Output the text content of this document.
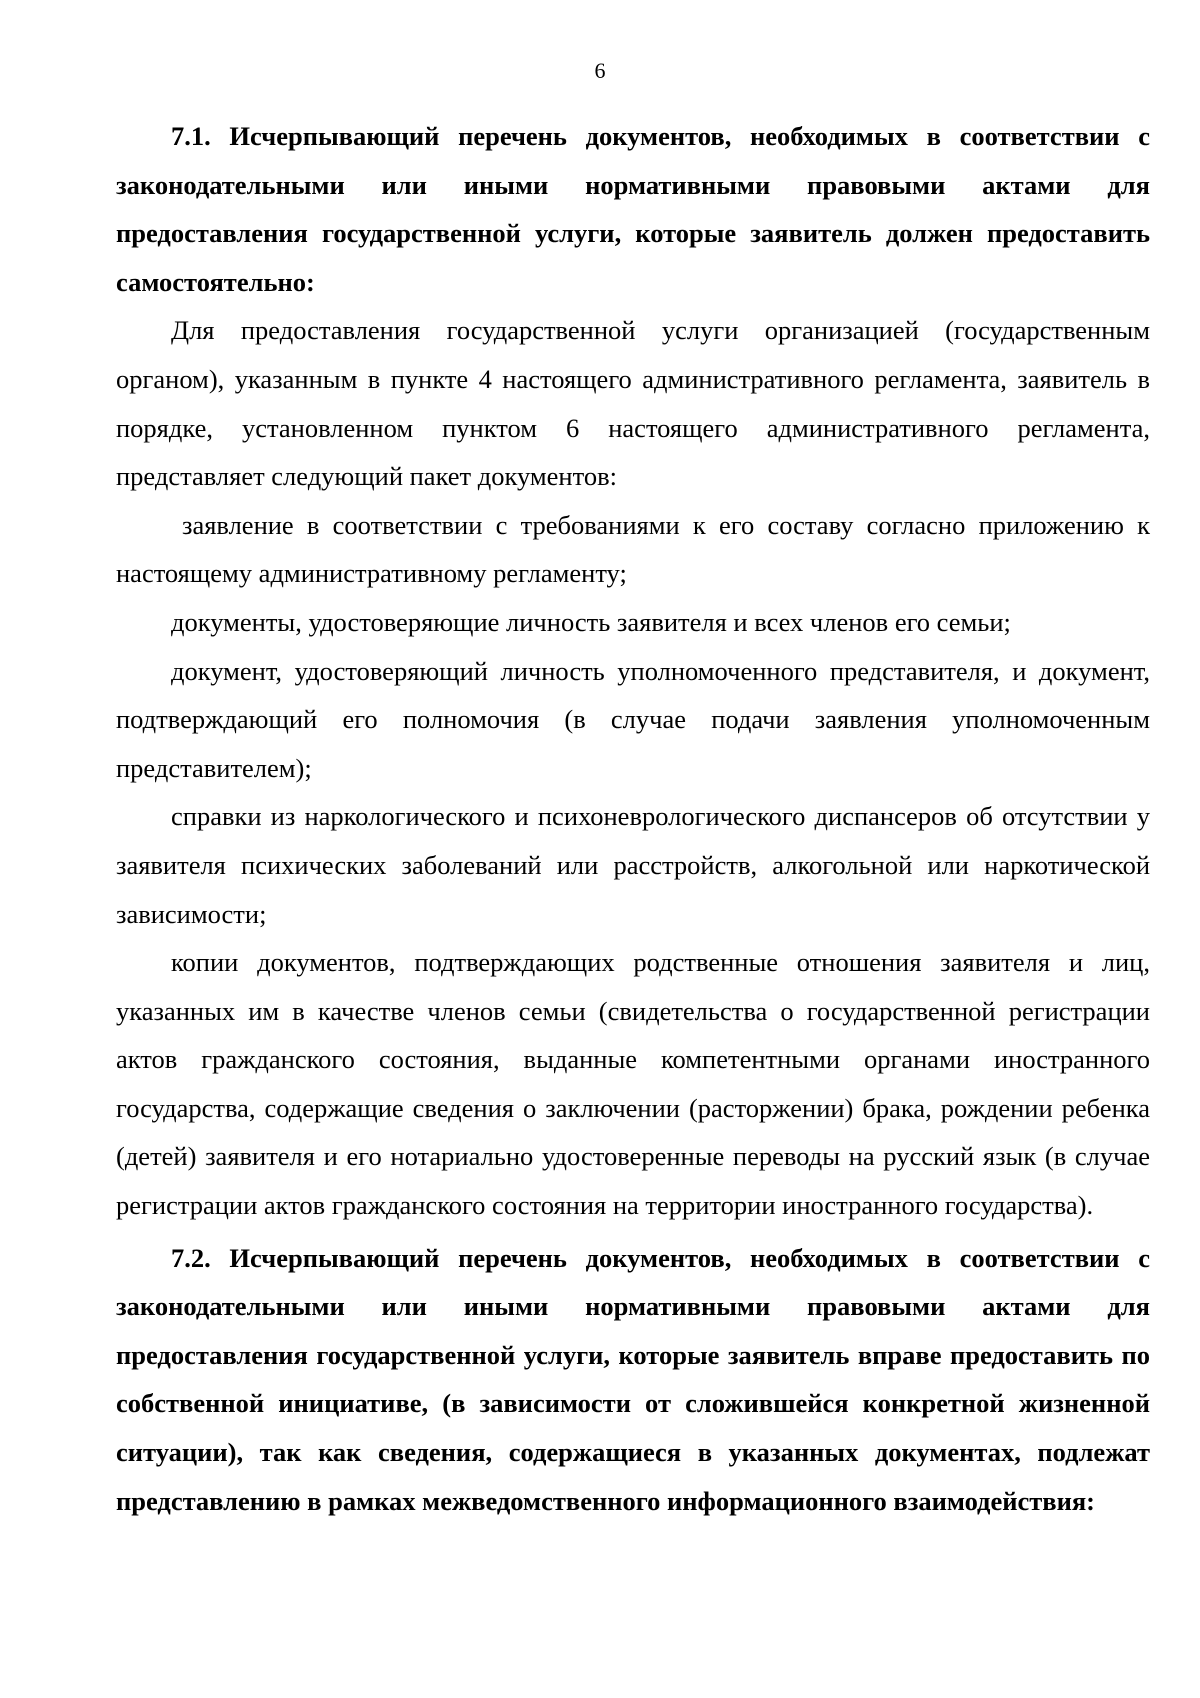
6

7.1. Исчерпывающий перечень документов, необходимых в соответствии с законодательными или иными нормативными правовыми актами для предоставления государственной услуги, которые заявитель должен предоставить самостоятельно:

Для предоставления государственной услуги организацией (государственным органом), указанным в пункте 4 настоящего административного регламента, заявитель в порядке, установленном пунктом 6 настоящего административного регламента, представляет следующий пакет документов:

заявление в соответствии с требованиями к его составу согласно приложению к настоящему административному регламенту;

документы, удостоверяющие личность заявителя и всех членов его семьи;

документ, удостоверяющий личность уполномоченного представителя, и документ, подтверждающий его полномочия (в случае подачи заявления уполномоченным представителем);

справки из наркологического и психоневрологического диспансеров об отсутствии у заявителя психических заболеваний или расстройств, алкогольной или наркотической зависимости;

копии документов, подтверждающих родственные отношения заявителя и лиц, указанных им в качестве членов семьи (свидетельства о государственной регистрации актов гражданского состояния, выданные компетентными органами иностранного государства, содержащие сведения о заключении (расторжении) брака, рождении ребенка (детей) заявителя и его нотариально удостоверенные переводы на русский язык (в случае регистрации актов гражданского состояния на территории иностранного государства).

7.2. Исчерпывающий перечень документов, необходимых в соответствии с законодательными или иными нормативными правовыми актами для предоставления государственной услуги, которые заявитель вправе предоставить по собственной инициативе, (в зависимости от сложившейся конкретной жизненной ситуации), так как сведения, содержащиеся в указанных документах, подлежат представлению в рамках межведомственного информационного взаимодействия:
